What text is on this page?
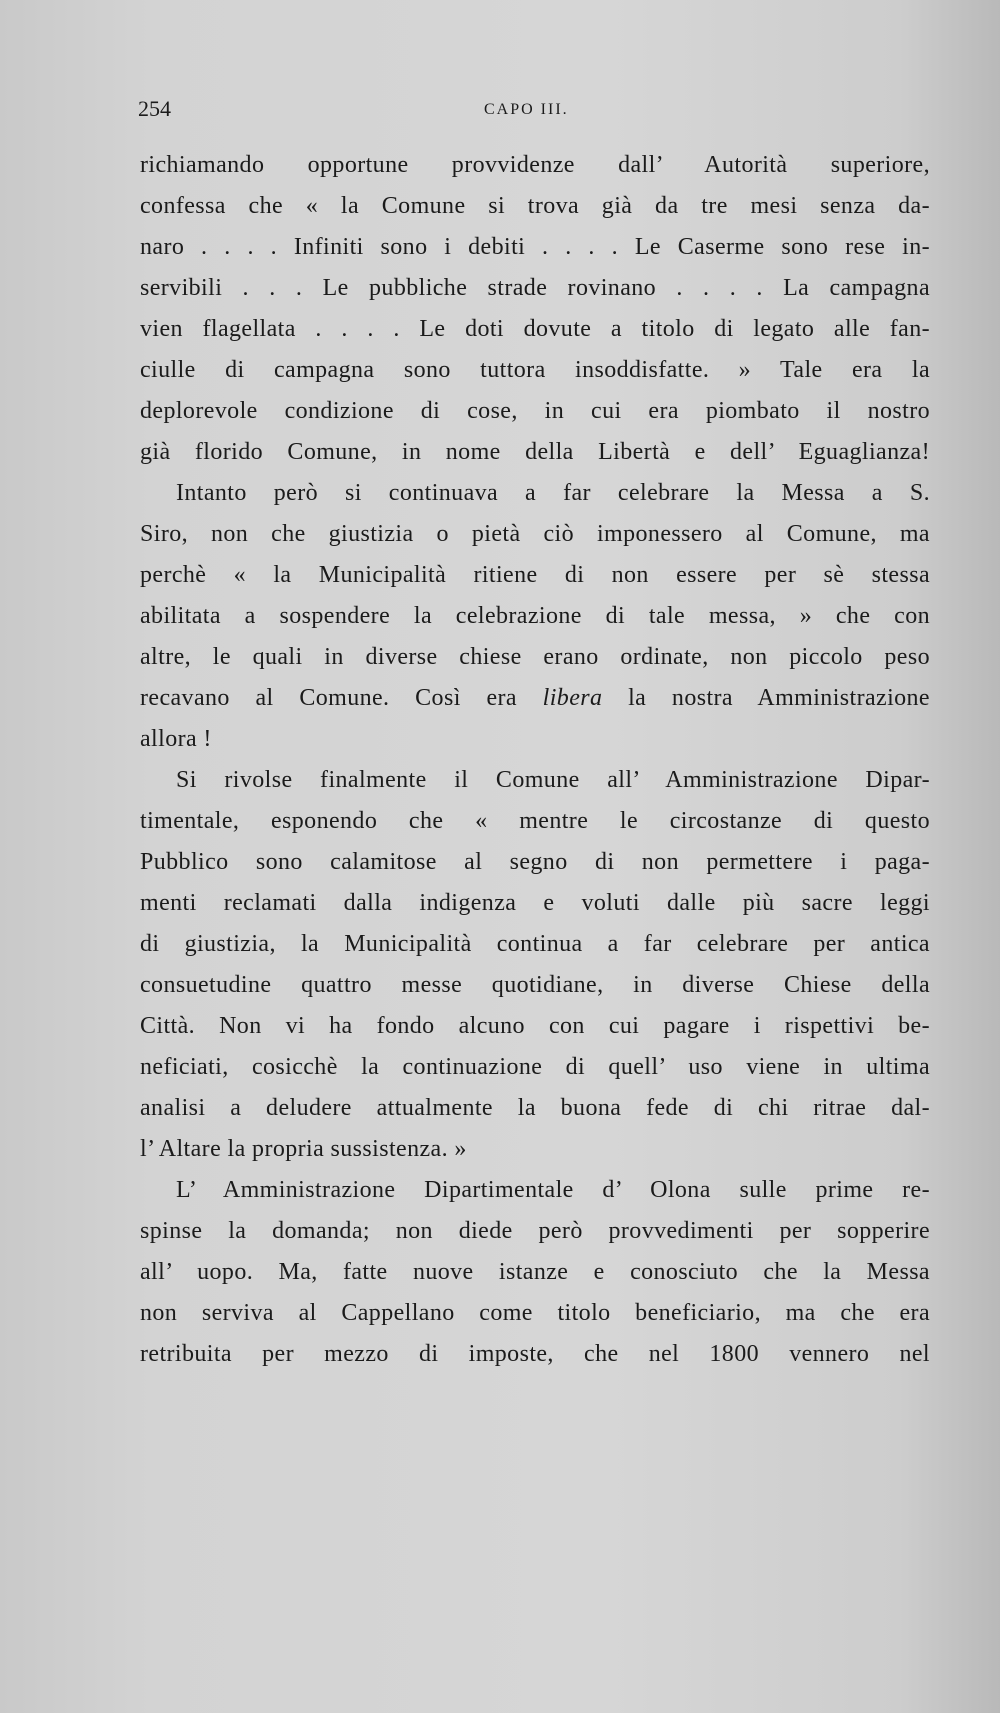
254	CAPO III.
richiamando opportune provvidenze dall’ Autorità superiore,
confessa che « la Comune si trova già da tre mesi senza da-
naro . . . . Infiniti sono i debiti . . . . Le Caserme sono rese in-
servibili . . . Le pubbliche strade rovinano . . . . La campagna
vien flagellata . . . . Le doti dovute a titolo di legato alle fan-
ciulle di campagna sono tuttora insoddisfatte. » Tale era la
deplorevole condizione di cose, in cui era piombato il nostro
già florido Comune, in nome della Libertà e dell’ Eguaglianza!
Intanto però si continuava a far celebrare la Messa a S.
Siro, non che giustizia o pietà ciò imponessero al Comune, ma
perchè « la Municipalità ritiene di non essere per sè stessa
abilitata a sospendere la celebrazione di tale messa, » che con
altre, le quali in diverse chiese erano ordinate, non piccolo peso
recavano al Comune. Così era libera la nostra Amministrazione
allora !
Si rivolse finalmente il Comune all’ Amministrazione Dipar-
timentale, esponendo che « mentre le circostanze di questo
Pubblico sono calamitose al segno di non permettere i paga-
menti reclamati dalla indigenza e voluti dalle più sacre leggi
di giustizia, la Municipalità continua a far celebrare per antica
consuetudine quattro messe quotidiane, in diverse Chiese della
Città. Non vi ha fondo alcuno con cui pagare i rispettivi be-
neficiati, cosicchè la continuazione di quell’ uso viene in ultima
analisi a deludere attualmente la buona fede di chi ritrae dal-
l’ Altare la propria sussistenza. »
L’ Amministrazione Dipartimentale d’ Olona sulle prime re-
spinse la domanda; non diede però provvedimenti per sopperire
all’ uopo. Ma, fatte nuove istanze e conosciuto che la Messa
non serviva al Cappellano come titolo beneficiario, ma che era
retribuita per mezzo di imposte, che nel 1800 vennero nel
